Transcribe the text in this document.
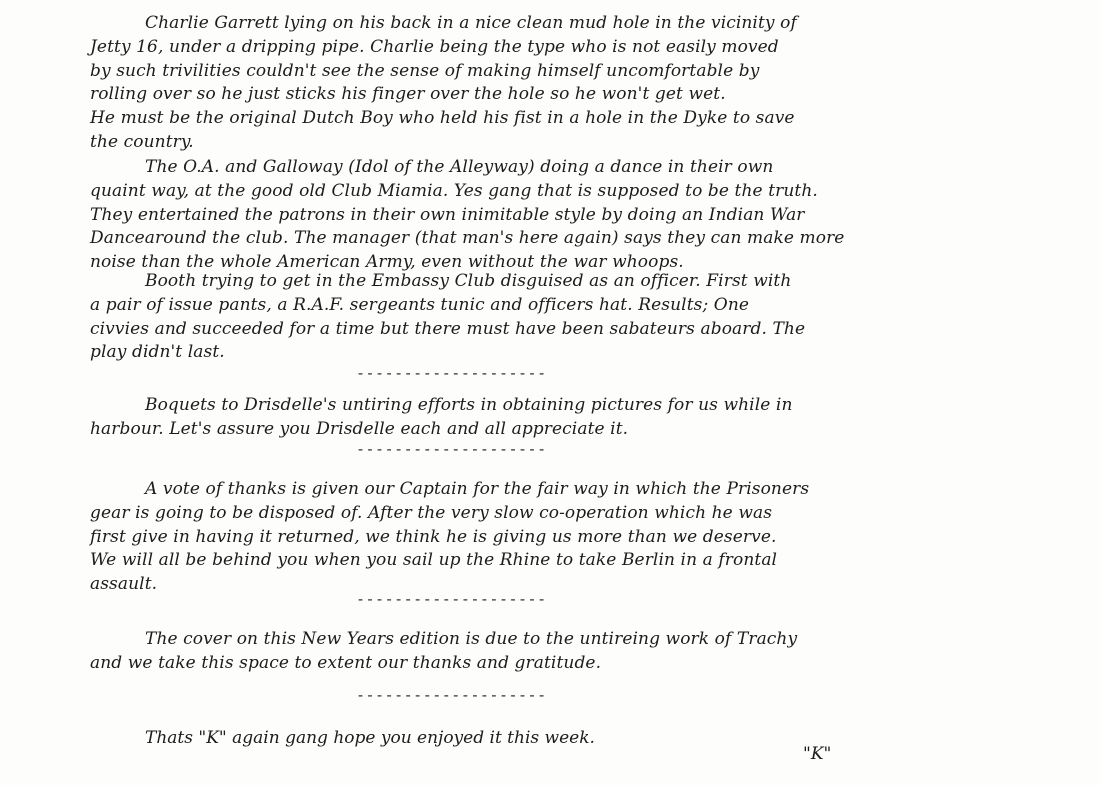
Charlie Garrett lying on his back in a nice clean mud hole in the vicinity of
Jetty 16, under a dripping pipe. Charlie being the type who is not easily moved
by such trivilities couldn't see the sense of making himself uncomfortable by
rolling over so he just sticks his finger over the hole so he won't get wet.
He must be the original Dutch Boy who held his fist in a hole in the Dyke to save
the country.

The O.A. and Galloway (Idol of the Alleyway) doing a dance in their own
quaint way, at the good old Club Miamia. Yes gang that is supposed to be the truth.
They entertained the patrons in their own inimitable style by doing an Indian War
Dancearound the club. The manager (that man's here again) says they can make more
noise than the whole American Army, even without the war whoops.

Booth trying to get in the Embassy Club disguised as an officer. First with
a pair of issue pants, a R.A.F. sergeants tunic and officers hat. Results; One
civvies and succeeded for a time but there must have been sabateurs aboard. The
play didn't last.

--------------------

Boquets to Drisdelle's untiring efforts in obtaining pictures for us while in
harbour. Let's assure you Drisdelle each and all appreciate it.

--------------------

A vote of thanks is given our Captain for the fair way in which the Prisoners
gear is going to be disposed of. After the very slow co-operation which he was
first give in having it returned, we think he is giving us more than we deserve.
We will all be behind you when you sail up the Rhine to take Berlin in a frontal
assault.

--------------------

The cover on this New Years edition is due to the untireing work of Trachy
and we take this space to extent our thanks and gratitude.

--------------------
Thats "K" again gang hope you enjoyed it this week.
"K"
